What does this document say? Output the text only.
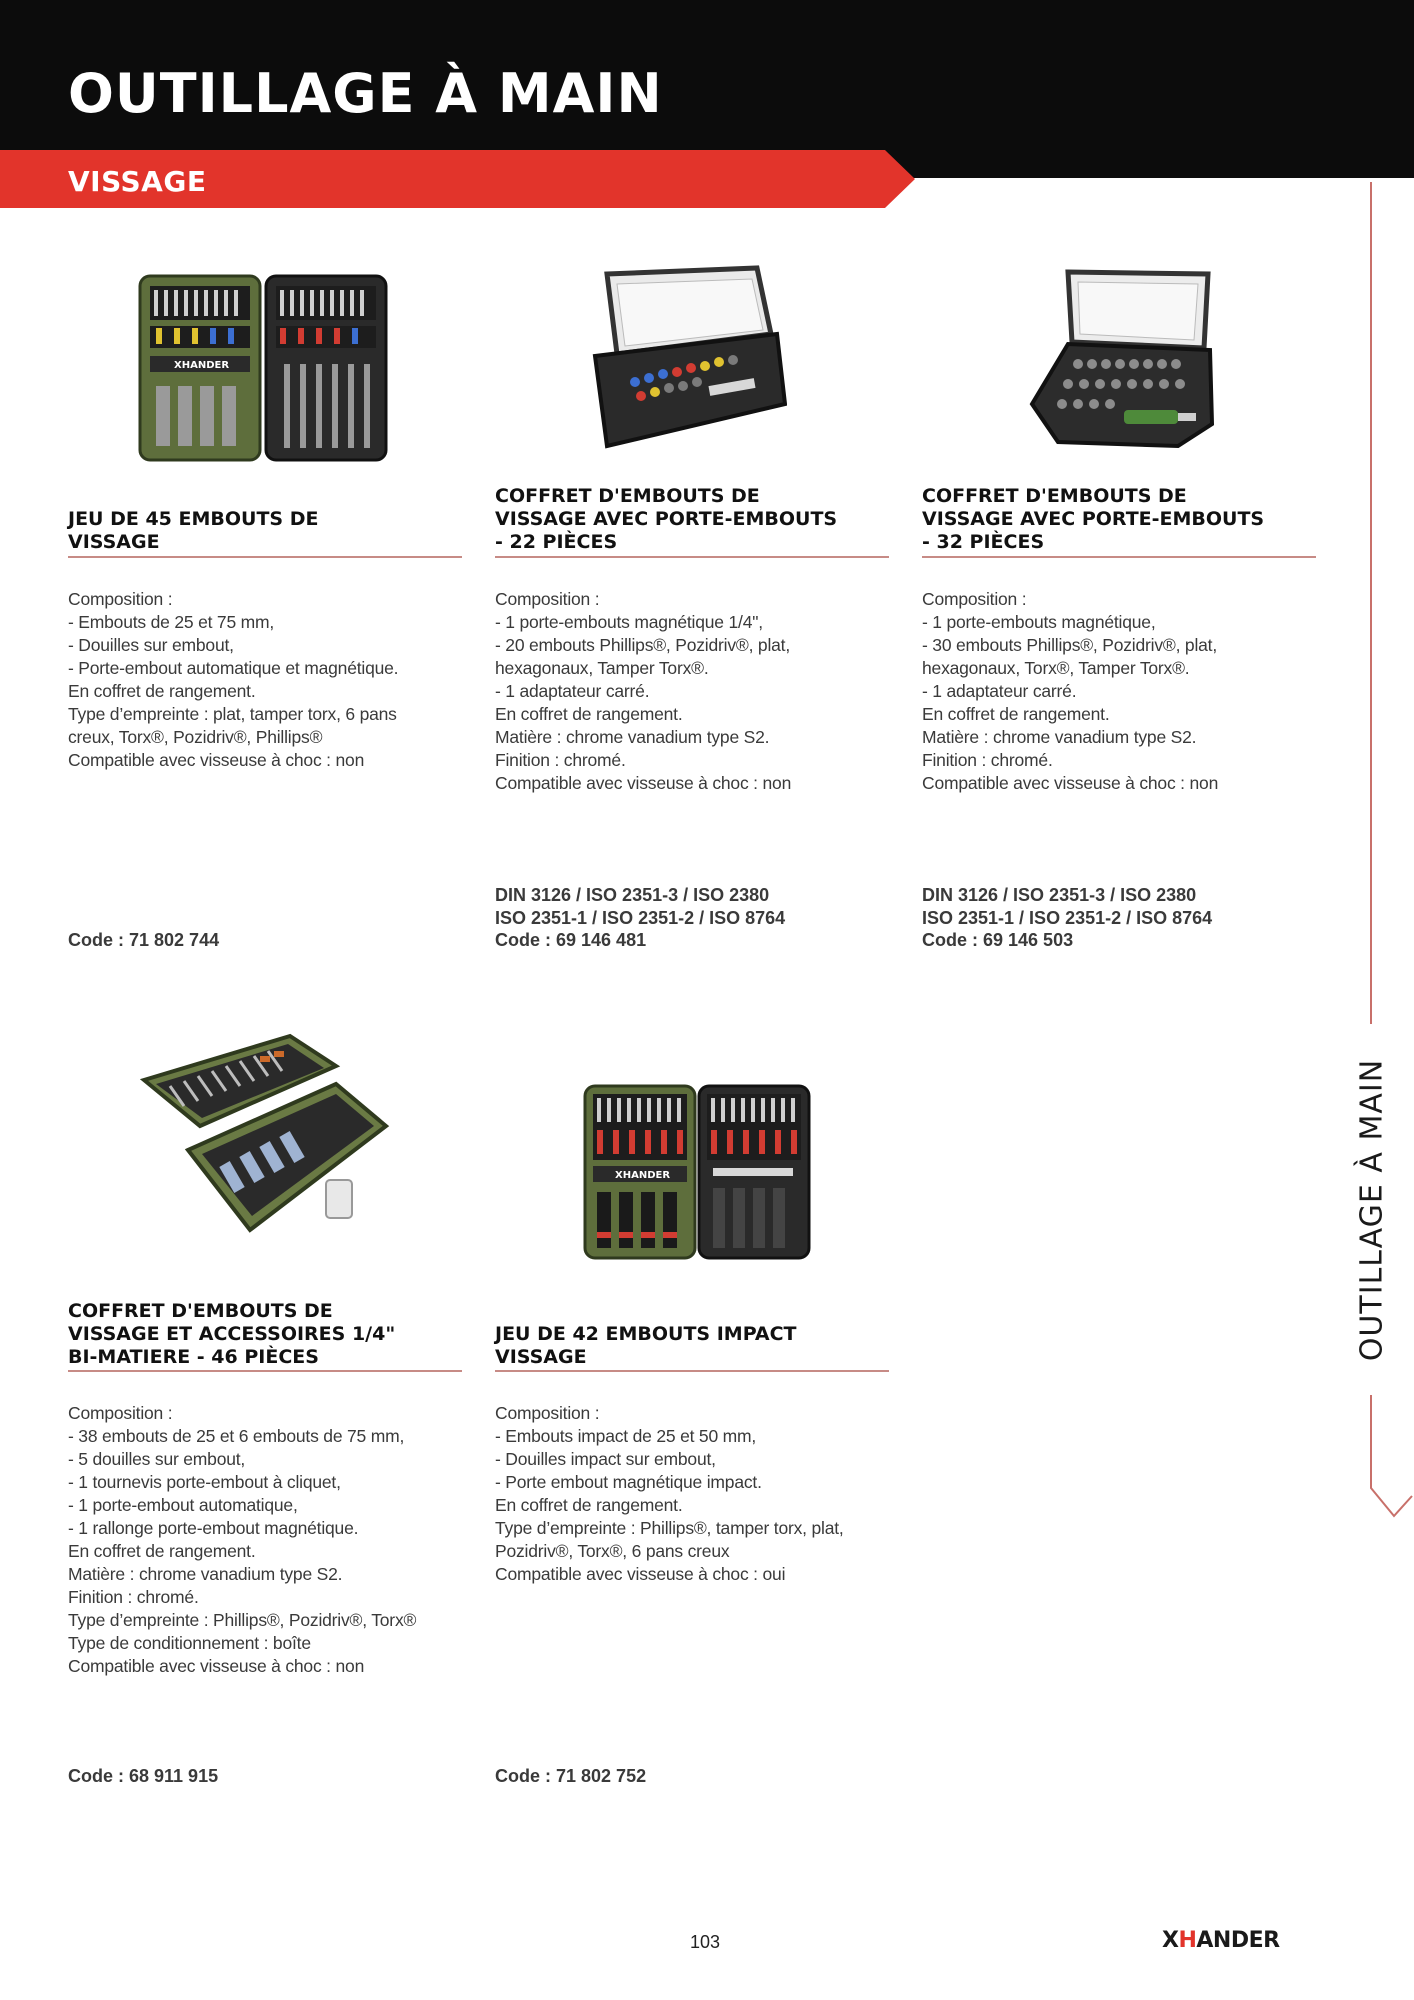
OUTILLAGE À MAIN
VISSAGE
OUTILLAGE À MAIN
XHANDER
JEU DE 45 EMBOUTS DE
VISSAGE
Composition :
- Embouts de 25 et 75 mm,
- Douilles sur embout,
- Porte-embout automatique et magnétique.
En coffret de rangement.
Type d’empreinte : plat, tamper torx, 6 pans
creux, Torx®, Pozidriv®, Phillips®
Compatible avec visseuse à choc : non
Code : 71 802 744
COFFRET D'EMBOUTS DE
VISSAGE AVEC PORTE-EMBOUTS
- 22 PIÈCES
Composition :
- 1 porte-embouts magnétique 1/4",
- 20 embouts Phillips®, Pozidriv®, plat,
hexagonaux, Tamper Torx®.
- 1 adaptateur carré.
En coffret de rangement.
Matière : chrome vanadium type S2.
Finition : chromé.
Compatible avec visseuse à choc : non
DIN 3126 / ISO 2351-3 / ISO 2380
ISO 2351-1 / ISO 2351-2 / ISO 8764
Code : 69 146 481
COFFRET D'EMBOUTS DE
VISSAGE AVEC PORTE-EMBOUTS
- 32 PIÈCES
Composition :
- 1 porte-embouts magnétique,
- 30 embouts Phillips®, Pozidriv®, plat,
hexagonaux, Torx®, Tamper Torx®.
- 1 adaptateur carré.
En coffret de rangement.
Matière : chrome vanadium type S2.
Finition : chromé.
Compatible avec visseuse à choc : non
DIN 3126 / ISO 2351-3 / ISO 2380
ISO 2351-1 / ISO 2351-2 / ISO 8764
Code : 69 146 503
COFFRET D'EMBOUTS DE
VISSAGE ET ACCESSOIRES 1/4"
BI-MATIERE - 46 PIÈCES
Composition :
- 38 embouts de 25 et 6 embouts de 75 mm,
- 5 douilles sur embout,
- 1 tournevis porte-embout à cliquet,
- 1 porte-embout automatique,
- 1 rallonge porte-embout magnétique.
En coffret de rangement.
Matière : chrome vanadium type S2.
Finition : chromé.
Type d’empreinte : Phillips®, Pozidriv®, Torx®
Type de conditionnement : boîte
Compatible avec visseuse à choc : non
Code : 68 911 915
XHANDER
JEU DE 42 EMBOUTS IMPACT
VISSAGE
Composition :
- Embouts impact de 25 et 50 mm,
- Douilles impact sur embout,
- Porte embout magnétique impact.
En coffret de rangement.
Type d’empreinte : Phillips®, tamper torx, plat,
Pozidriv®, Torx®, 6 pans creux
Compatible avec visseuse à choc : oui
Code : 71 802 752
103	XHANDER
